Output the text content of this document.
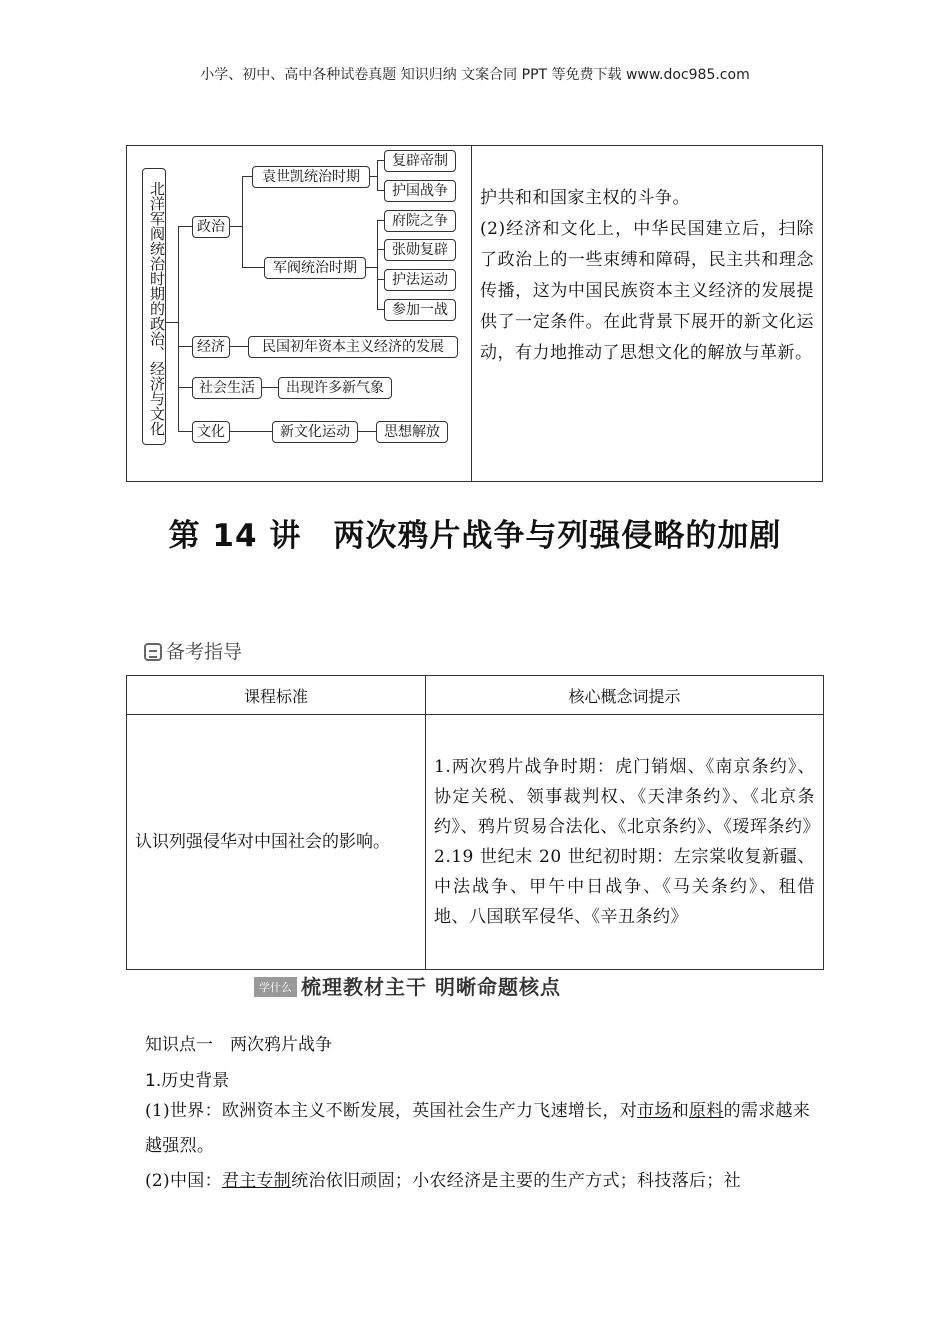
小学、初中、高中各种试卷真题 知识归纳 文案合同 PPT 等免费下载 www.doc985.com
北洋军阀统治时期的政治、经济与文化	政治
袁世凯统治时期
复辟帝制
护国战争
军阀统治时期
府院之争
张勋复辟
护法运动
参加一战
经济	民国初年资本主义经济的发展
社会生活	出现许多新气象
文化	新文化运动	思想解放
护共和和国家主权的斗争。
(2)经济和文化上，中华民国建立后，扫除了政治上的一些束缚和障碍，民主共和理念传播，这为中国民族资本主义经济的发展提供了一定条件。在此背景下展开的新文化运动，有力地推动了思想文化的解放与革新。
第 14 讲　两次鸦片战争与列强侵略的加剧
备考指导
课程标准	核心概念词提示
认识列强侵华对中国社会的影响。	1.两次鸦片战争时期：虎门销烟、《南京条约》、协定关税、领事裁判权、《天津条约》、《北京条约》、鸦片贸易合法化、《北京条约》、《瑷珲条约》
2.19 世纪末 20 世纪初时期：左宗棠收复新疆、中法战争、甲午中日战争、《马关条约》、租借地、八国联军侵华、《辛丑条约》
学什么 梳理教材主干 明晰命题核点
知识点一　两次鸦片战争
1.历史背景
(1)世界：欧洲资本主义不断发展，英国社会生产力飞速增长，对市场和原料的需求越来越强烈。
(2)中国：君主专制统治依旧顽固；小农经济是主要的生产方式；科技落后；社
